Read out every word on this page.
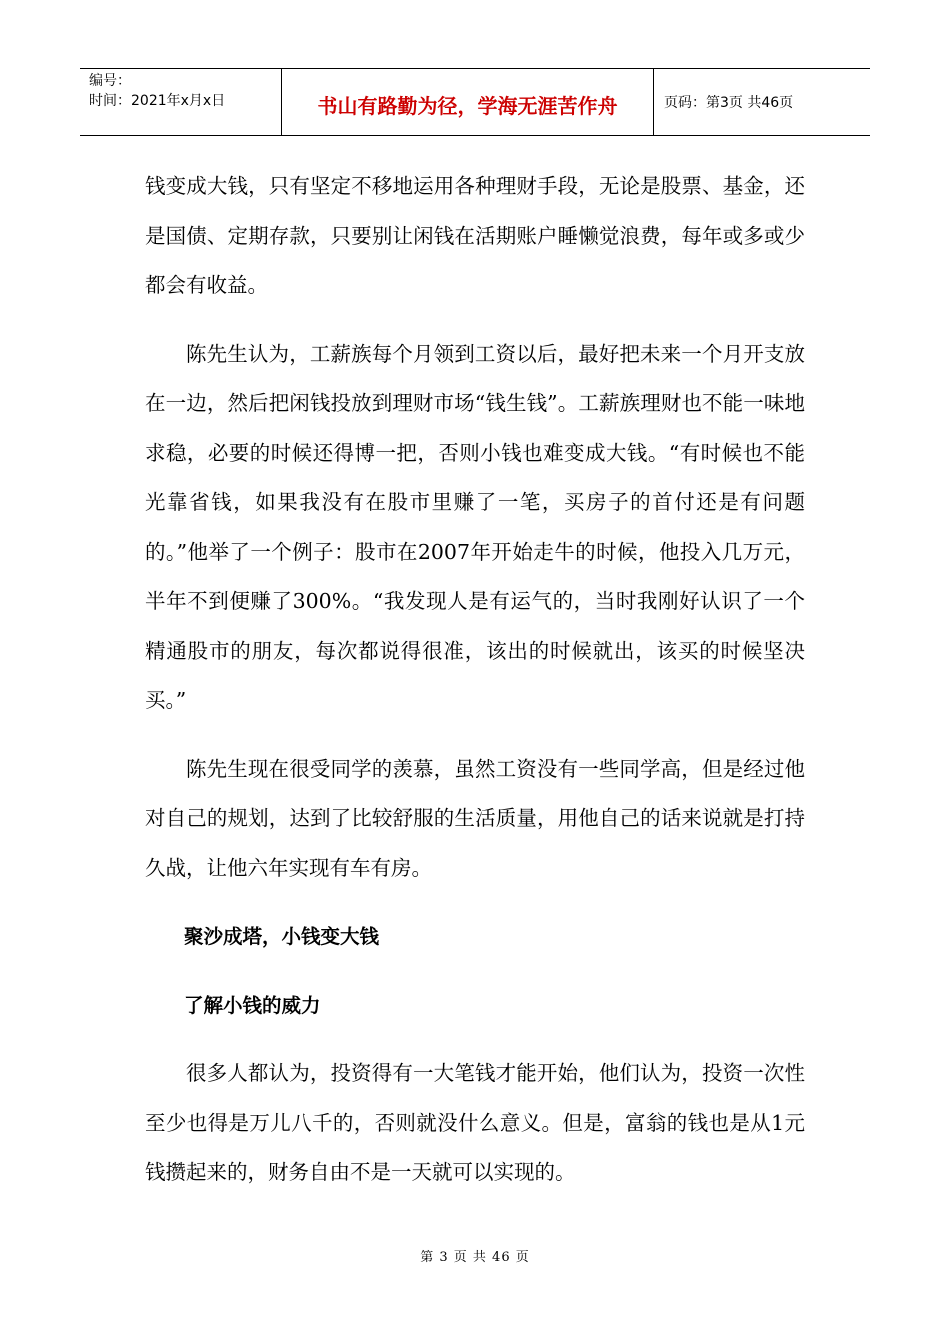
编号：
时间：2021年x月x日	书山有路勤为径，学海无涯苦作舟	页码：第3页 共46页

钱变成大钱，只有坚定不移地运用各种理财手段，无论是股票、基金，还是国债、定期存款，只要别让闲钱在活期账户睡懒觉浪费，每年或多或少都会有收益。

陈先生认为，工薪族每个月领到工资以后，最好把未来一个月开支放在一边，然后把闲钱投放到理财市场“钱生钱”。工薪族理财也不能一味地求稳，必要的时候还得博一把，否则小钱也难变成大钱。“有时候也不能光靠省钱，如果我没有在股市里赚了一笔，买房子的首付还是有问题的。”他举了一个例子：股市在2007年开始走牛的时候，他投入几万元，半年不到便赚了300%。“我发现人是有运气的，当时我刚好认识了一个精通股市的朋友，每次都说得很准，该出的时候就出，该买的时候坚决买。”

陈先生现在很受同学的羡慕，虽然工资没有一些同学高，但是经过他对自己的规划，达到了比较舒服的生活质量，用他自己的话来说就是打持久战，让他六年实现有车有房。

聚沙成塔，小钱变大钱

了解小钱的威力

很多人都认为，投资得有一大笔钱才能开始，他们认为，投资一次性至少也得是万儿八千的，否则就没什么意义。但是，富翁的钱也是从1元钱攒起来的，财务自由不是一天就可以实现的。

第 3 页 共 46 页
